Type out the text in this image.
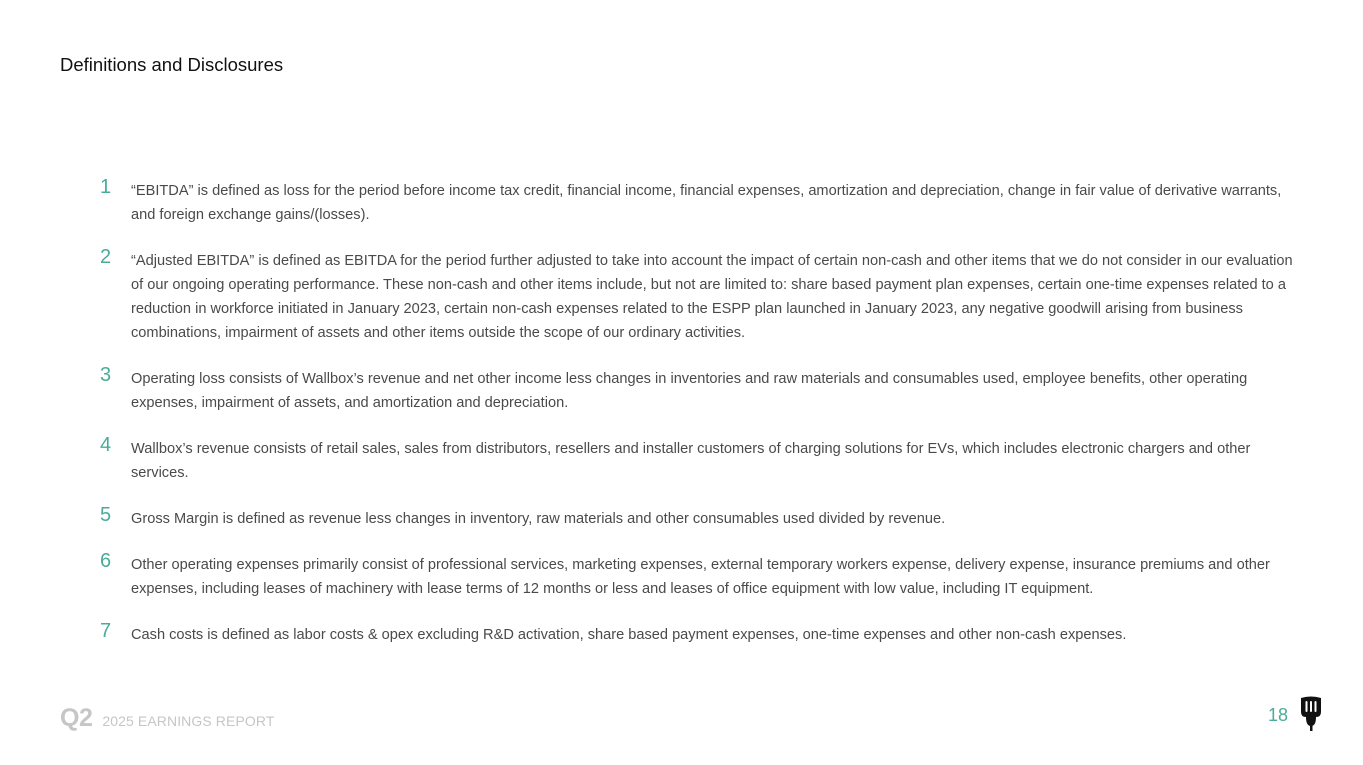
Definitions and Disclosures
1	“EBITDA” is defined as loss for the period before income tax credit, financial income, financial expenses, amortization and depreciation, change in fair value of derivative warrants, and foreign exchange gains/(losses).
2	“Adjusted EBITDA” is defined as EBITDA for the period further adjusted to take into account the impact of certain non-cash and other items that we do not consider in our evaluation of our ongoing operating performance. These non-cash and other items include, but not are limited to: share based payment plan expenses, certain one-time expenses related to a reduction in workforce initiated in January 2023, certain non-cash expenses related to the ESPP plan launched in January 2023, any negative goodwill arising from business combinations, impairment of assets and other items outside the scope of our ordinary activities.
3	Operating loss consists of Wallbox’s revenue and net other income less changes in inventories and raw materials and consumables used, employee benefits, other operating expenses, impairment of assets, and amortization and depreciation.
4	Wallbox’s revenue consists of retail sales, sales from distributors, resellers and installer customers of charging solutions for EVs, which includes electronic chargers and other services.
5	Gross Margin is defined as revenue less changes in inventory, raw materials and other consumables used divided by revenue.
6	Other operating expenses primarily consist of professional services, marketing expenses, external temporary workers expense, delivery expense, insurance premiums and other expenses, including leases of machinery with lease terms of 12 months or less and leases of office equipment with low value, including IT equipment.
7	Cash costs is defined as labor costs & opex excluding R&D activation, share based payment expenses, one-time expenses and other non-cash expenses.
Q2 2025 EARNINGS REPORT	18
